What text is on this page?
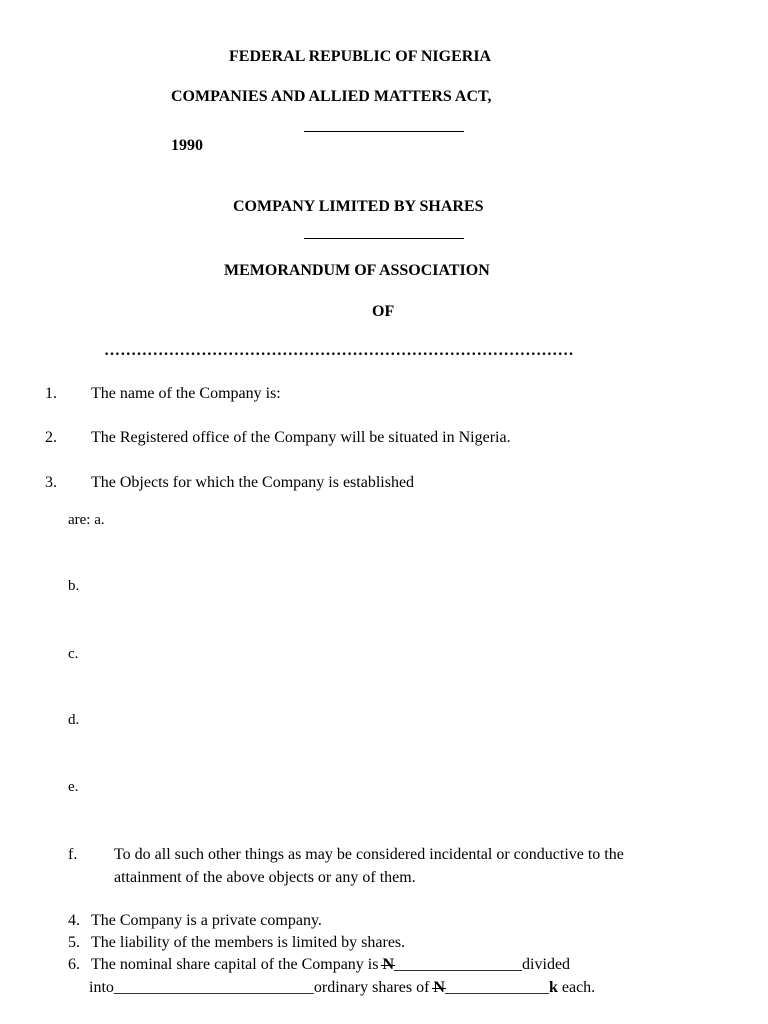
FEDERAL REPUBLIC OF NIGERIA
COMPANIES AND ALLIED MATTERS ACT,
1990
COMPANY LIMITED BY SHARES
MEMORANDUM OF ASSOCIATION
OF
……………………………………………………………………………
1. The name of the Company is:
2. The Registered office of the Company will be situated in Nigeria.
3. The Objects for which the Company is established
are: a.
b.
c.
d.
e.
f. To do all such other things as may be considered incidental or conductive to the
attainment of the above objects or any of them.
4. The Company is a private company.
5. The liability of the members is limited by shares.
6. The nominal share capital of the Company is N________________divided
into_________________________ordinary shares of N_____________k each.
